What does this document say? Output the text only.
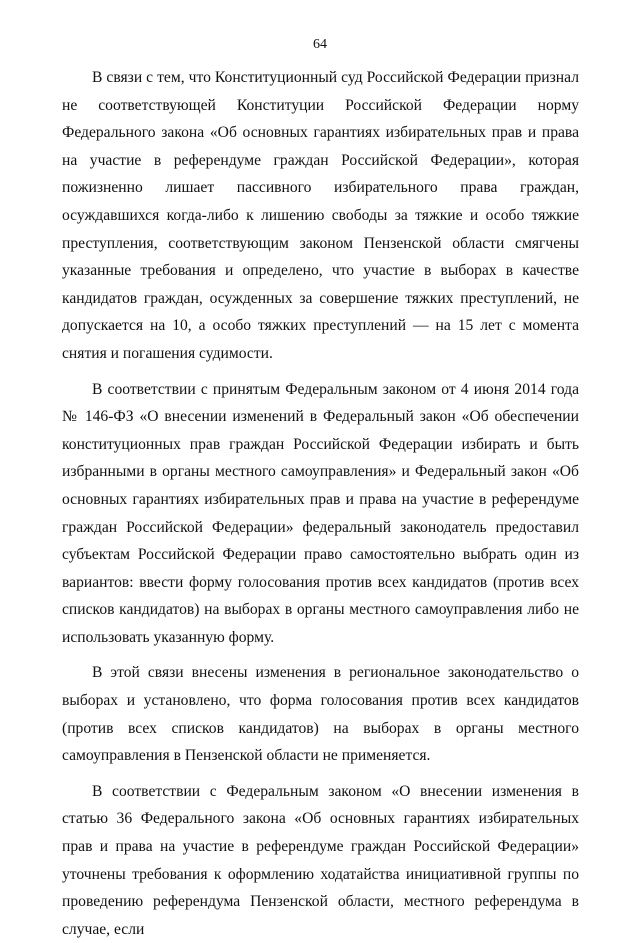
64

В связи с тем, что Конституционный суд Российской Федерации признал не соответствующей Конституции Российской Федерации норму Федерального закона «Об основных гарантиях избирательных прав и права на участие в референдуме граждан Российской Федерации», которая пожизненно лишает пассивного избирательного права граждан, осуждавшихся когда-либо к лишению свободы за тяжкие и особо тяжкие преступления, соответствующим законом Пензенской области смягчены указанные требования и определено, что участие в выборах в качестве кандидатов граждан, осужденных за совершение тяжких преступлений, не допускается на 10, а особо тяжких преступлений — на 15 лет с момента снятия и погашения судимости.

В соответствии с принятым Федеральным законом от 4 июня 2014 года № 146-ФЗ «О внесении изменений в Федеральный закон «Об обеспечении конституционных прав граждан Российской Федерации избирать и быть избранными в органы местного самоуправления» и Федеральный закон «Об основных гарантиях избирательных прав и права на участие в референдуме граждан Российской Федерации» федеральный законодатель предоставил субъектам Российской Федерации право самостоятельно выбрать один из вариантов: ввести форму голосования против всех кандидатов (против всех списков кандидатов) на выборах в органы местного самоуправления либо не использовать указанную форму.

В этой связи внесены изменения в региональное законодательство о выборах и установлено, что форма голосования против всех кандидатов (против всех списков кандидатов) на выборах в органы местного самоуправления в Пензенской области не применяется.

В соответствии с Федеральным законом «О внесении изменения в статью 36 Федерального закона «Об основных гарантиях избирательных прав и права на участие в референдуме граждан Российской Федерации» уточнены требования к оформлению ходатайства инициативной группы по проведению референдума Пензенской области, местного референдума в случае, если
